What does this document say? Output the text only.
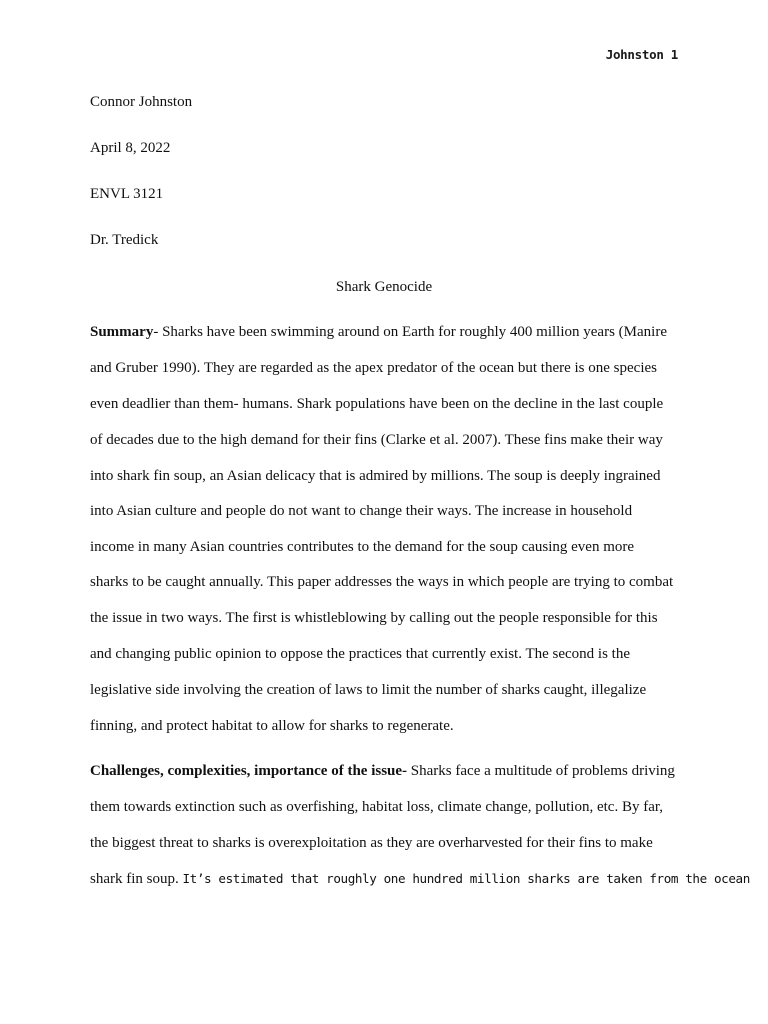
Johnston 1
Connor Johnston
April 8, 2022
ENVL 3121
Dr. Tredick
Shark Genocide
Summary- Sharks have been swimming around on Earth for roughly 400 million years (Manire
and Gruber 1990). They are regarded as the apex predator of the ocean but there is one species
even deadlier than them- humans. Shark populations have been on the decline in the last couple
of decades due to the high demand for their fins (Clarke et al. 2007). These fins make their way
into shark fin soup, an Asian delicacy that is admired by millions. The soup is deeply ingrained
into Asian culture and people do not want to change their ways. The increase in household
income in many Asian countries contributes to the demand for the soup causing even more
sharks to be caught annually. This paper addresses the ways in which people are trying to combat
the issue in two ways. The first is whistleblowing by calling out the people responsible for this
and changing public opinion to oppose the practices that currently exist. The second is the
legislative side involving the creation of laws to limit the number of sharks caught, illegalize
finning, and protect habitat to allow for sharks to regenerate.
Challenges, complexities, importance of the issue- Sharks face a multitude of problems driving
them towards extinction such as overfishing, habitat loss, climate change, pollution, etc. By far,
the biggest threat to sharks is overexploitation as they are overharvested for their fins to make
shark fin soup. It’s estimated that roughly one hundred million sharks are taken from the ocean
